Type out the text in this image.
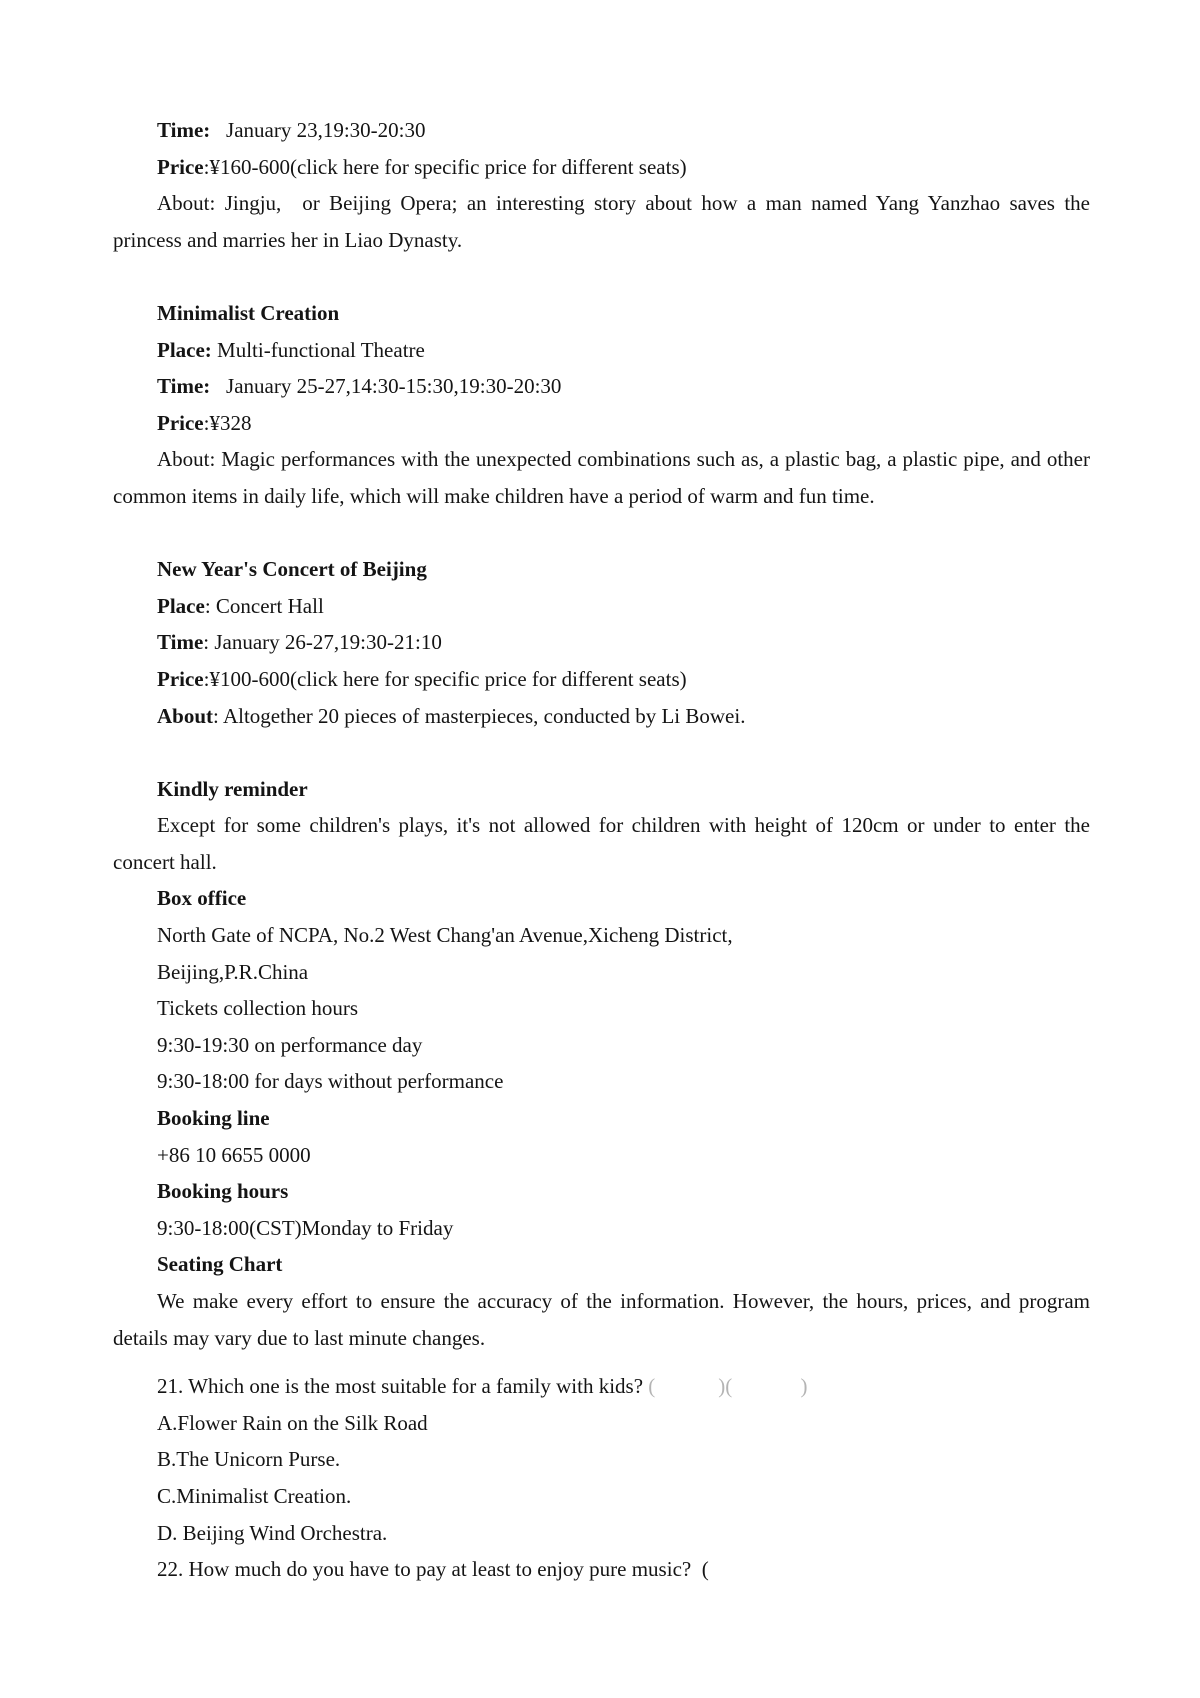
Time:   January 23,19:30-20:30

Price:¥160-600(click here for specific price for different seats)

About: Jingju,  or Beijing Opera; an interesting story about how a man named Yang Yanzhao saves the princess and marries her in Liao Dynasty.

Minimalist Creation

Place: Multi-functional Theatre

Time:   January 25-27,14:30-15:30,19:30-20:30

Price:¥328

About: Magic performances with the unexpected combinations such as, a plastic bag, a plastic pipe, and other common items in daily life, which will make children have a period of warm and fun time.

New Year's Concert of Beijing

Place: Concert Hall

Time: January 26-27,19:30-21:10

Price:¥100-600(click here for specific price for different seats)

About: Altogether 20 pieces of masterpieces, conducted by Li Bowei.

Kindly reminder

Except for some children's plays, it's not allowed for children with height of 120cm or under to enter the concert hall.

Box office

North Gate of NCPA, No.2 West Chang'an Avenue,Xicheng District,

Beijing,P.R.China

Tickets collection hours

9:30-19:30 on performance day

9:30-18:00 for days without performance

Booking line

+86 10 6655 0000

Booking hours

9:30-18:00(CST)Monday to Friday

Seating Chart

We make every effort to ensure the accuracy of the information. However, the hours, prices, and program details may vary due to last minute changes.

21. Which one is the most suitable for a family with kids? (            )(             )

A.Flower Rain on the Silk Road

B.The Unicorn Purse.

C.Minimalist Creation.

D. Beijing Wind Orchestra.

22. How much do you have to pay at least to enjoy pure music?  (
